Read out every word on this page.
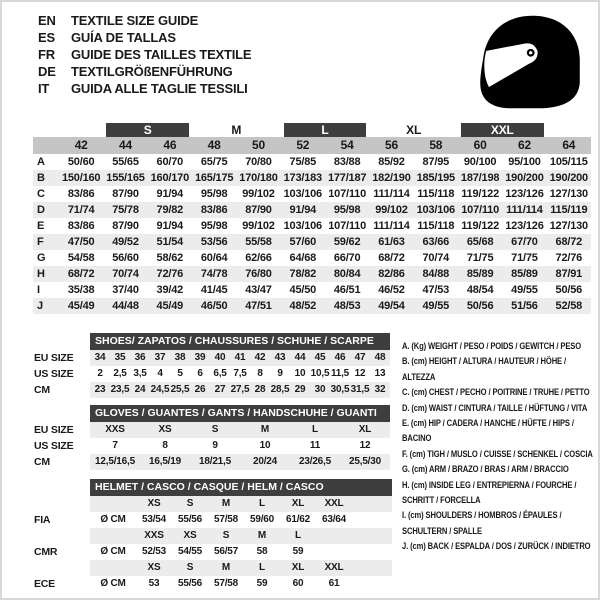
EN	TEXTILE SIZE GUIDE
ES	GUÍA DE TALLAS
FR	GUIDE DES TAILLES TEXTILE
DE	TEXTILGRÖßENFÜHRUNG
IT	GUIDA ALLE TAGLIE TESSILI

		S		M		L		XL		XXL		

	42	44	46	48	50	52	54	56	58	60	62	64
A	50/60	55/65	60/70	65/75	70/80	75/85	83/88	85/92	87/95	90/100	95/100	105/115
B	150/160	155/165	160/170	165/175	170/180	173/183	177/187	182/190	185/195	187/198	190/200	190/200
C	83/86	87/90	91/94	95/98	99/102	103/106	107/110	111/114	115/118	119/122	123/126	127/130
D	71/74	75/78	79/82	83/86	87/90	91/94	95/98	99/102	103/106	107/110	111/114	115/119
E	83/86	87/90	91/94	95/98	99/102	103/106	107/110	111/114	115/118	119/122	123/126	127/130
F	47/50	49/52	51/54	53/56	55/58	57/60	59/62	61/63	63/66	65/68	67/70	68/72
G	54/58	56/60	58/62	60/64	62/66	64/68	66/70	68/72	70/74	71/75	71/75	72/76
H	68/72	70/74	72/76	74/78	76/80	78/82	80/84	82/86	84/88	85/89	85/89	87/91
I	35/38	37/40	39/42	41/45	43/47	45/50	46/51	46/52	47/53	48/54	49/55	50/56
J	45/49	44/48	45/49	46/50	47/51	48/52	48/53	49/54	49/55	50/56	51/56	52/58
	SHOES/ ZAPATOS / CHAUSSURES / SCHUHE / SCARPE														
EU SIZE	34	35	36	37	38	39	40	41	42	43	44	45	46	47	48
US SIZE	2	2,5	3,5	4	5	6	6,5	7,5	8	9	10	10,5	11,5	12	13
CM	23	23,5	24	24,5	25,5	26	27	27,5	28	28,5	29	30	30,5	31,5	32
	GLOVES / GUANTES / GANTS / HANDSCHUHE / GUANTI					
EU SIZE	XXS	XS	S	M	L	XL
US SIZE	7	8	9	10	11	12
CM	12,5/16,5	16,5/19	18/21,5	20/24	23/26,5	25,5/30
	HELMET / CASCO / CASQUE / HELM / CASCO							
		XS	S	M	L	XL	XXL	
FIA	Ø CM	53/54	55/56	57/58	59/60	61/62	63/64	
		XXS	XS	S	M	L		
CMR	Ø CM	52/53	54/55	56/57	58	59		
		XS	S	M	L	XL	XXL	
ECE	Ø CM	53	55/56	57/58	59	60	61	
A. (Kg) WEIGHT / PESO / POIDS / GEWITCH / PESO
B. (cm) HEIGHT / ALTURA / HAUTEUR / HÖHE / ALTEZZA
C. (cm) CHEST / PECHO / POITRINE / TRUHE / PETTO
D. (cm) WAIST / CINTURA / TAILLE / HÜFTUNG / VITA
E. (cm) HIP / CADERA / HANCHE / HÜFTE / HIPS / BACINO
F. (cm) TIGH / MUSLO / CUISSE / SCHENKEL / COSCIA
G. (cm) ARM / BRAZO / BRAS / ARM / BRACCIO
H. (cm) INSIDE LEG / ENTREPIERNA / FOURCHE / SCHRITT / FORCELLA
I. (cm) SHOULDERS / HOMBROS / ÉPAULES / SCHULTERN / SPALLE
J. (cm) BACK / ESPALDA / DOS / ZURÜCK / INDIETRO
